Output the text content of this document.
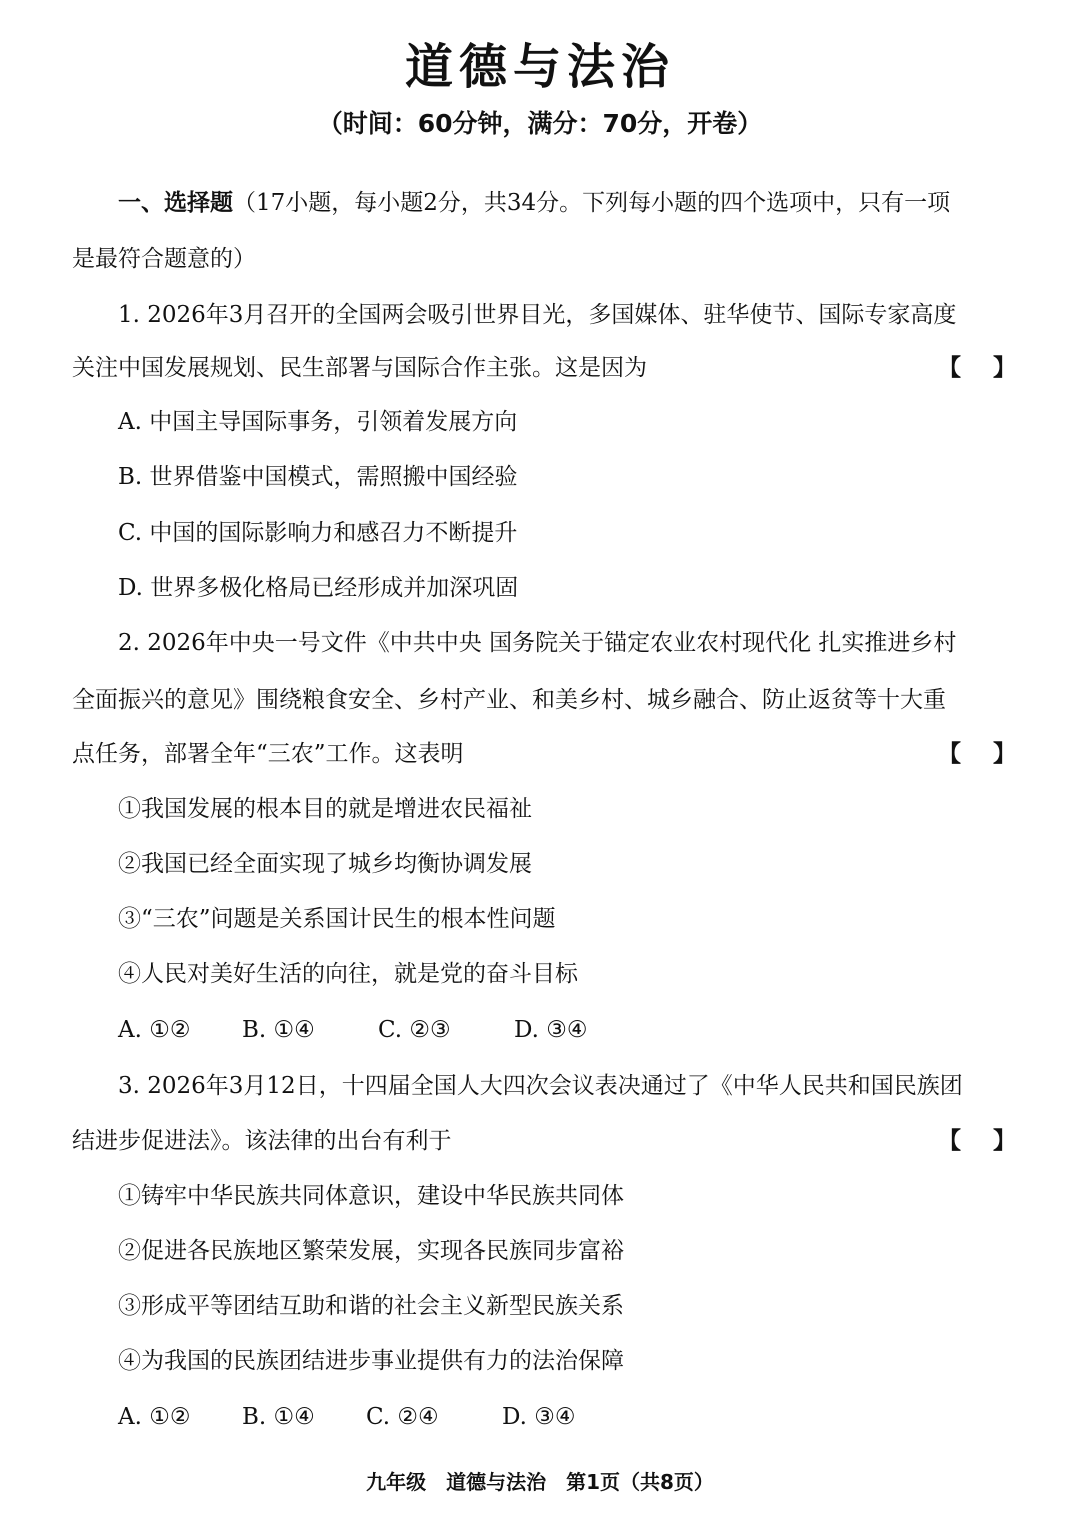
道德与法治
（时间：60分钟，满分：70分，开卷）
一、选择题（17小题，每小题2分，共34分。下列每小题的四个选项中，只有一项
是最符合题意的）
1. 2026年3月召开的全国两会吸引世界目光，多国媒体、驻华使节、国际专家高度
关注中国发展规划、民生部署与国际合作主张。这是因为	【    】
A. 中国主导国际事务，引领着发展方向
B. 世界借鉴中国模式，需照搬中国经验
C. 中国的国际影响力和感召力不断提升
D. 世界多极化格局已经形成并加深巩固
2. 2026年中央一号文件《中共中央 国务院关于锚定农业农村现代化 扎实推进乡村
全面振兴的意见》围绕粮食安全、乡村产业、和美乡村、城乡融合、防止返贫等十大重
点任务，部署全年“三农”工作。这表明	【    】
①我国发展的根本目的就是增进农民福祉
②我国已经全面实现了城乡均衡协调发展
③“三农”问题是关系国计民生的根本性问题
④人民对美好生活的向往，就是党的奋斗目标
A. ①② B. ①④	C. ②③	D. ③④
3. 2026年3月12日，十四届全国人大四次会议表决通过了《中华人民共和国民族团
结进步促进法》。该法律的出台有利于	【    】
①铸牢中华民族共同体意识，建设中华民族共同体
②促进各民族地区繁荣发展，实现各民族同步富裕
③形成平等团结互助和谐的社会主义新型民族关系
④为我国的民族团结进步事业提供有力的法治保障
A. ①② B. ①④ C. ②④	D. ③④
九年级 道德与法治 第1页（共8页）
